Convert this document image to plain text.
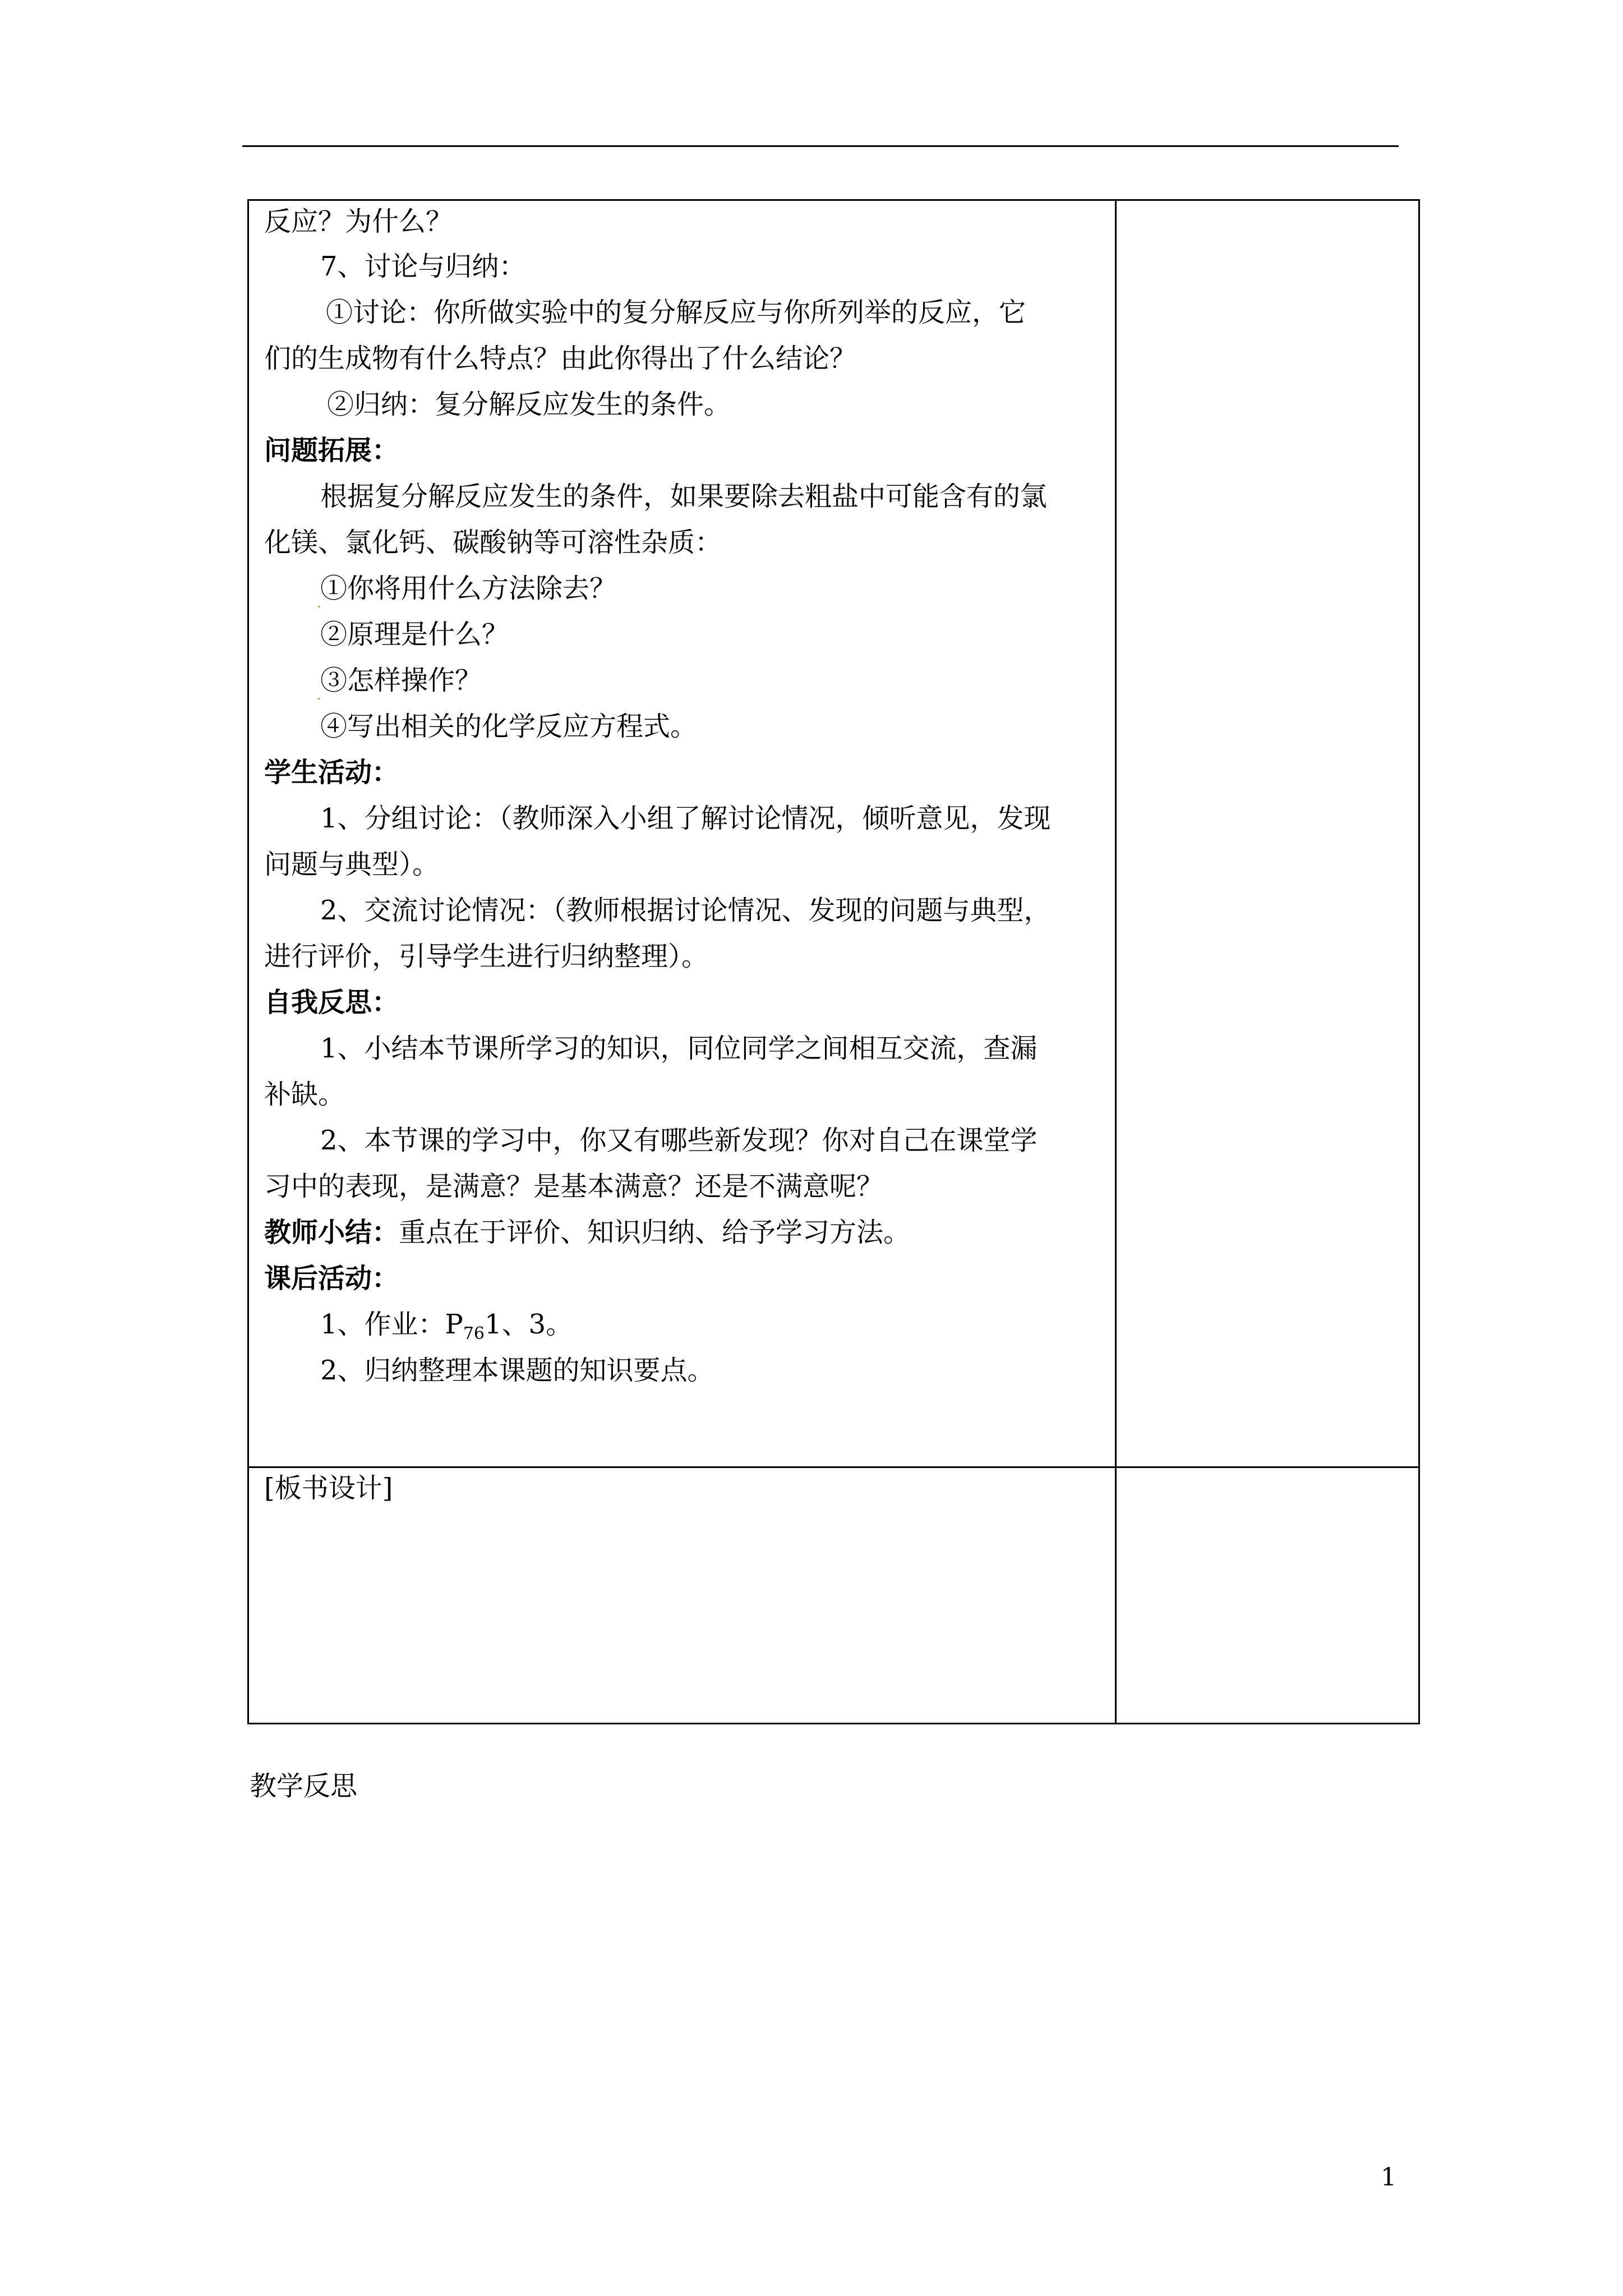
反应？为什么？
7、讨论与归纳：
①讨论：你所做实验中的复分解反应与你所列举的反应，它
们的生成物有什么特点？由此你得出了什么结论？
②归纳：复分解反应发生的条件。
问题拓展：
根据复分解反应发生的条件，如果要除去粗盐中可能含有的氯
化镁、氯化钙、碳酸钠等可溶性杂质：
.
①你将用什么方法除去？
②原理是什么？
.
③怎样操作？
④写出相关的化学反应方程式。
学生活动：
1、分组讨论：（教师深入小组了解讨论情况，倾听意见，发现
问题与典型）。
2、交流讨论情况：（教师根据讨论情况、发现的问题与典型，
进行评价，引导学生进行归纳整理）。
自我反思：
1、小结本节课所学习的知识，同位同学之间相互交流，查漏
补缺。
2、本节课的学习中，你又有哪些新发现？你对自己在课堂学
习中的表现，是满意？是基本满意？还是不满意呢？
教师小结：重点在于评价、知识归纳、给予学习方法。
课后活动：
1、作业：$P_{76}1$、3。
2、归纳整理本课题的知识要点。
[板书设计]
教学反思
1
